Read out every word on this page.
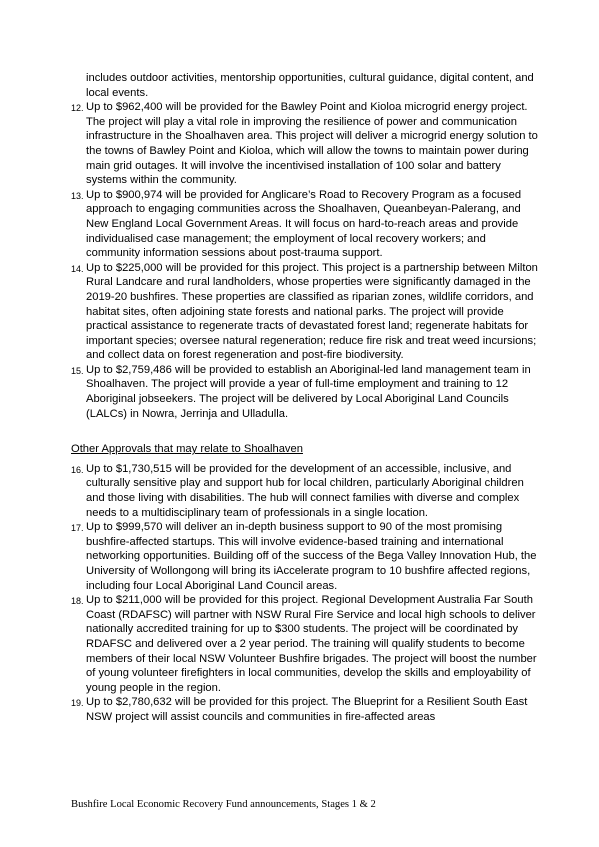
includes outdoor activities, mentorship opportunities, cultural guidance, digital content, and local events.

12. Up to $962,400 will be provided for the Bawley Point and Kioloa microgrid energy project. The project will play a vital role in improving the resilience of power and communication infrastructure in the Shoalhaven area. This project will deliver a microgrid energy solution to the towns of Bawley Point and Kioloa, which will allow the towns to maintain power during main grid outages. It will involve the incentivised installation of 100 solar and battery systems within the community.
13. Up to $900,974 will be provided for Anglicare’s Road to Recovery Program as a focused approach to engaging communities across the Shoalhaven, Queanbeyan-Palerang, and New England Local Government Areas. It will focus on hard-to-reach areas and provide individualised case management; the employment of local recovery workers; and community information sessions about post-trauma support.
14. Up to $225,000 will be provided for this project. This project is a partnership between Milton Rural Landcare and rural landholders, whose properties were significantly damaged in the 2019-20 bushfires. These properties are classified as riparian zones, wildlife corridors, and habitat sites, often adjoining state forests and national parks. The project will provide practical assistance to regenerate tracts of devastated forest land; regenerate habitats for important species; oversee natural regeneration; reduce fire risk and treat weed incursions; and collect data on forest regeneration and post-fire biodiversity.
15. Up to $2,759,486 will be provided to establish an Aboriginal-led land management team in Shoalhaven. The project will provide a year of full-time employment and training to 12 Aboriginal jobseekers. The project will be delivered by Local Aboriginal Land Councils (LALCs) in Nowra, Jerrinja and Ulladulla.

Other Approvals that may relate to Shoalhaven

16. Up to $1,730,515 will be provided for the development of an accessible, inclusive, and culturally sensitive play and support hub for local children, particularly Aboriginal children and those living with disabilities. The hub will connect families with diverse and complex needs to a multidisciplinary team of professionals in a single location.
17. Up to $999,570 will deliver an in-depth business support to 90 of the most promising bushfire-affected startups. This will involve evidence-based training and international networking opportunities. Building off of the success of the Bega Valley Innovation Hub, the University of Wollongong will bring its iAccelerate program to 10 bushfire affected regions, including four Local Aboriginal Land Council areas.
18. Up to $211,000 will be provided for this project. Regional Development Australia Far South Coast (RDAFSC) will partner with NSW Rural Fire Service and local high schools to deliver nationally accredited training for up to $300 students. The project will be coordinated by RDAFSC and delivered over a 2 year period. The training will qualify students to become members of their local NSW Volunteer Bushfire brigades. The project will boost the number of young volunteer firefighters in local communities, develop the skills and employability of young people in the region.
19. Up to $2,780,632 will be provided for this project. The Blueprint for a Resilient South East NSW project will assist councils and communities in fire-affected areas
Bushfire Local Economic Recovery Fund announcements, Stages 1 & 2
